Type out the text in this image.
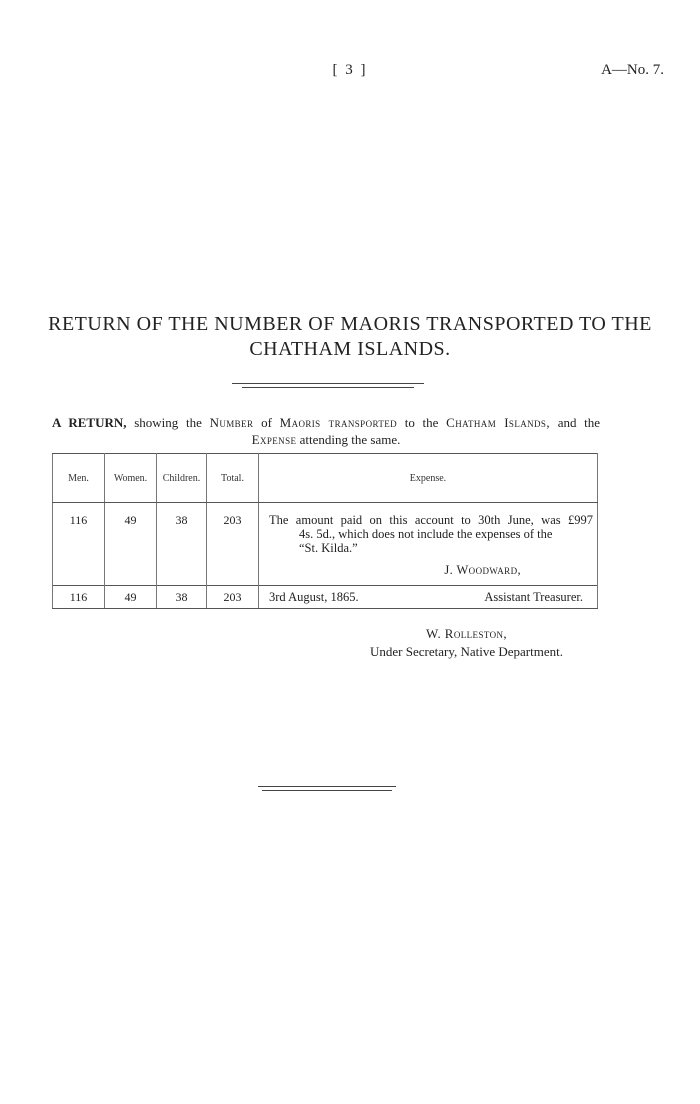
[ 3 ]	A—No. 7.
RETURN OF THE NUMBER OF MAORIS TRANSPORTED TO THE
CHATHAM ISLANDS.
A RETURN, showing the Number of Maoris transported to the Chatham Islands, and the
Expense attending the same.
Men.	Women.	Children.	Total.	Expense.
116	49	38	203	The amount paid on this account to 30th June, was £997
4s. 5d., which does not include the expenses of the
“St. Kilda.”
J. Woodward,

116	49	38	203	3rd August, 1865. Assistant Treasurer.
W. Rolleston,
Under Secretary, Native Department.
